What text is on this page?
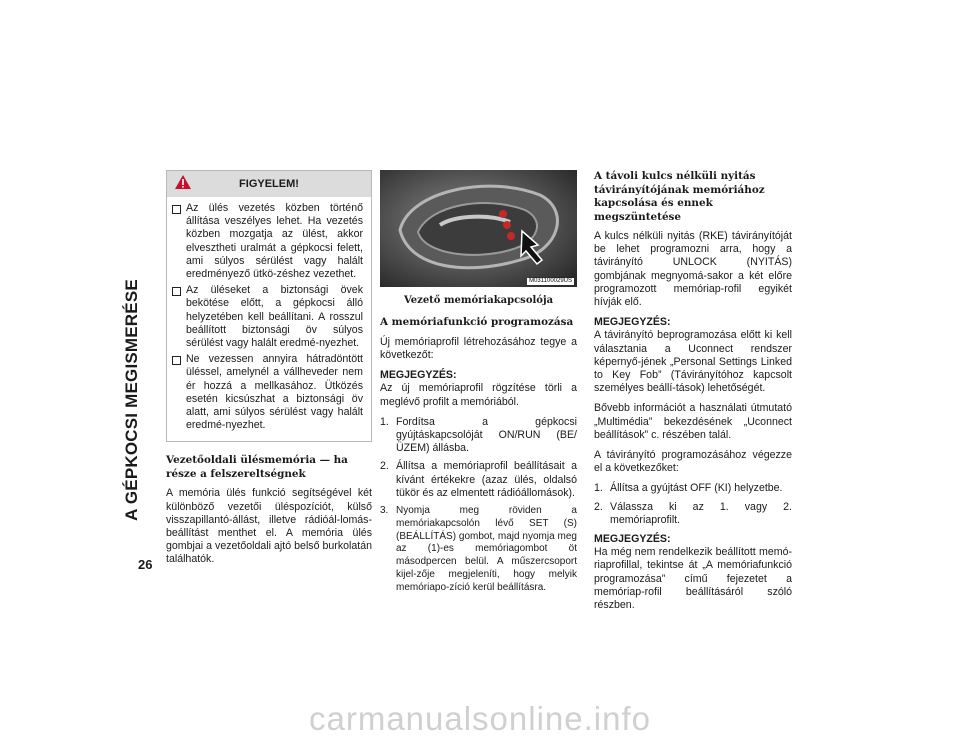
A GÉPKOCSI MEGISMERÉSE
26
FIGYELEM!
Az ülés vezetés közben történő állítása veszélyes lehet. Ha vezetés közben mozgatja az ülést, akkor elvesztheti uralmát a gépkocsi felett, ami súlyos sérülést vagy halált eredményező ütkö-zéshez vezethet.
Az üléseket a biztonsági övek bekötése előtt, a gépkocsi álló helyzetében kell beállítani. A rosszul beállított biztonsági öv súlyos sérülést vagy halált eredmé-nyezhet.
Ne vezessen annyira hátradöntött üléssel, amelynél a vállheveder nem ér hozzá a mellkasához. Ütközés esetén kicsúszhat a biztonsági öv alatt, ami súlyos sérülést vagy halált eredmé-nyezhet.
Vezetőoldali ülésmemória — ha része a felszereltségnek

A memória ülés funkció segítségével két különböző vezetői üléspozíciót, külső visszapillantó-állást, illetve rádióál-lomás-beállítást menthet el. A memória ülés gombjai a vezetőoldali ajtó belső burkolatán találhatók.

M031100029US
Vezető memóriakapcsolója
A memóriafunkció programozása

Új memóriaprofil létrehozásához tegye a következőt:

MEGJEGYZÉS:

Az új memóriaprofil rögzítése törli a meglévő profilt a memóriából.

1. Fordítsa a gépkocsi gyújtáskapcsolóját ON/RUN (BE/ÜZEM) állásba.
2. Állítsa a memóriaprofil beállításait a kívánt értékekre (azaz ülés, oldalsó tükör és az elmentett rádióállomások).
3. Nyomja meg röviden a memóriakapcsolón lévő SET (S) (BEÁLLÍTÁS) gombot, majd nyomja meg az (1)-es memóriagombot öt másodpercen belül. A műszercsoport kijel-zője megjeleníti, hogy melyik memóriapo-zíció kerül beállításra.
A távoli kulcs nélküli nyitás távirányítójának memóriához kapcsolása és ennek megszüntetése

A kulcs nélküli nyitás (RKE) távirányítóját be lehet programozni arra, hogy a távirányító UNLOCK (NYITÁS) gombjának megnyomá-sakor a két előre programozott memóriap-rofil egyikét hívják elő.

MEGJEGYZÉS:

A távirányító beprogramozása előtt ki kell választania a Uconnect rendszer képernyő-jének „Personal Settings Linked to Key Fob” (Távirányítóhoz kapcsolt személyes beállí-tások) lehetőségét.

Bővebb információt a használati útmutató „Multimédia” bekezdésének „Uconnect beállítások” c. részében talál.

A távirányító programozásához végezze el a következőket:

1. Állítsa a gyújtást OFF (KI) helyzetbe.
2. Válassza ki az 1. vagy 2. memóriaprofilt.
MEGJEGYZÉS:

Ha még nem rendelkezik beállított memó-riaprofillal, tekintse át „A memóriafunkció programozása” című fejezetet a memóriap-rofil beállításáról szóló részben.

carmanualsonline.info
